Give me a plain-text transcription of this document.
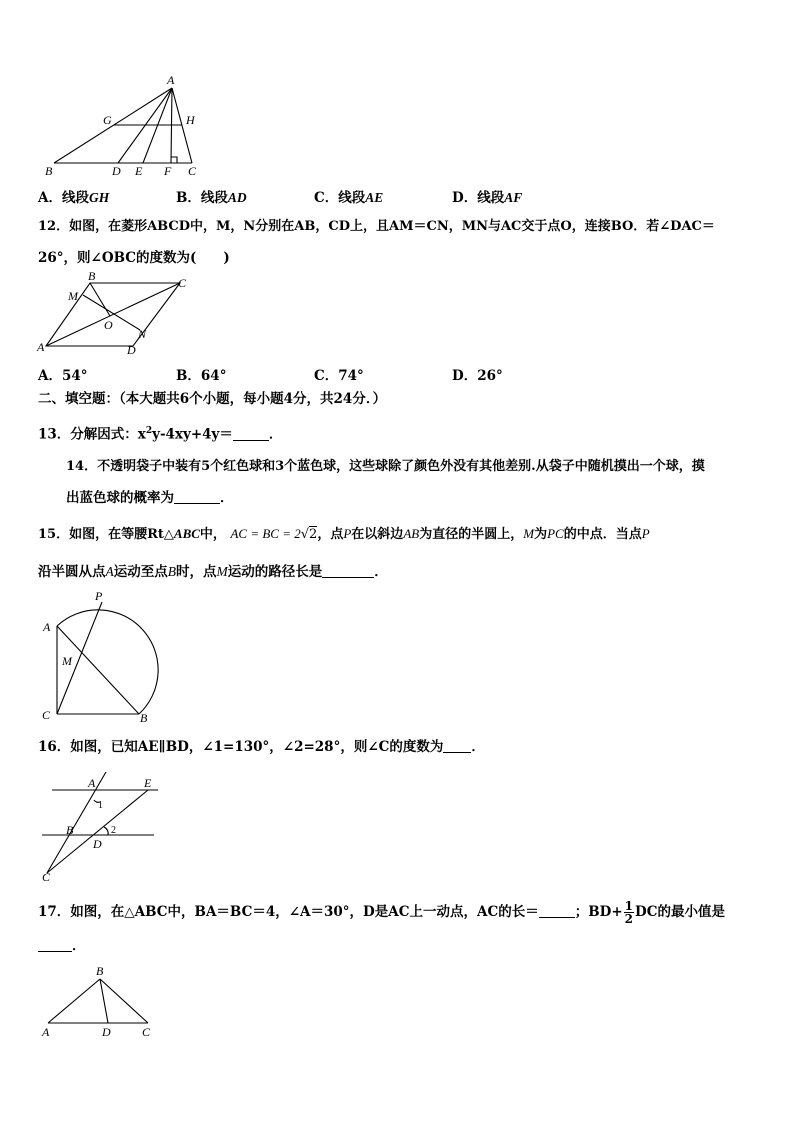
A
G	H
B	D E F C
A．线段GH	B．线段AD	C．线段AE	D．线段AF
12．如图，在菱形ABCD中，M，N分别在AB，CD上，且AM＝CN，MN与AC交于点O，连接BO．若∠DAC＝
26°，则∠OBC的度数为(　　)
B	C
M
O
N
A	D
A．54°	B．64°	C．74°	D．26°
二、填空题：（本大题共6个小题，每小题4分，共24分．）
13．分解因式：$x^2y-4xy+4y=$	．
14．不透明袋子中装有5个红色球和3个蓝色球，这些球除了颜色外没有其他差别.从袋子中随机摸出一个球，摸
出蓝色球的概率为	．
15．如图，在等腰Rt△ABC中， AC = BC = 2√2，点P在以斜边AB为直径的半圆上，M为PC的中点．当点P
沿半圆从点A运动至点B时，点M运动的路径长是	．
P
A
M
C	B
16．如图，已知AE∥BD，∠1=130°，∠2=28°，则∠C的度数为 ．
A	E
1
B	2
D
C
17．如图，在△ABC中，BA＝BC＝4，∠A＝30°，D是AC上一动点，AC的长＝	；$BD+ \frac{1}{2}$ DC的最小值是
．
B
A	D	C
